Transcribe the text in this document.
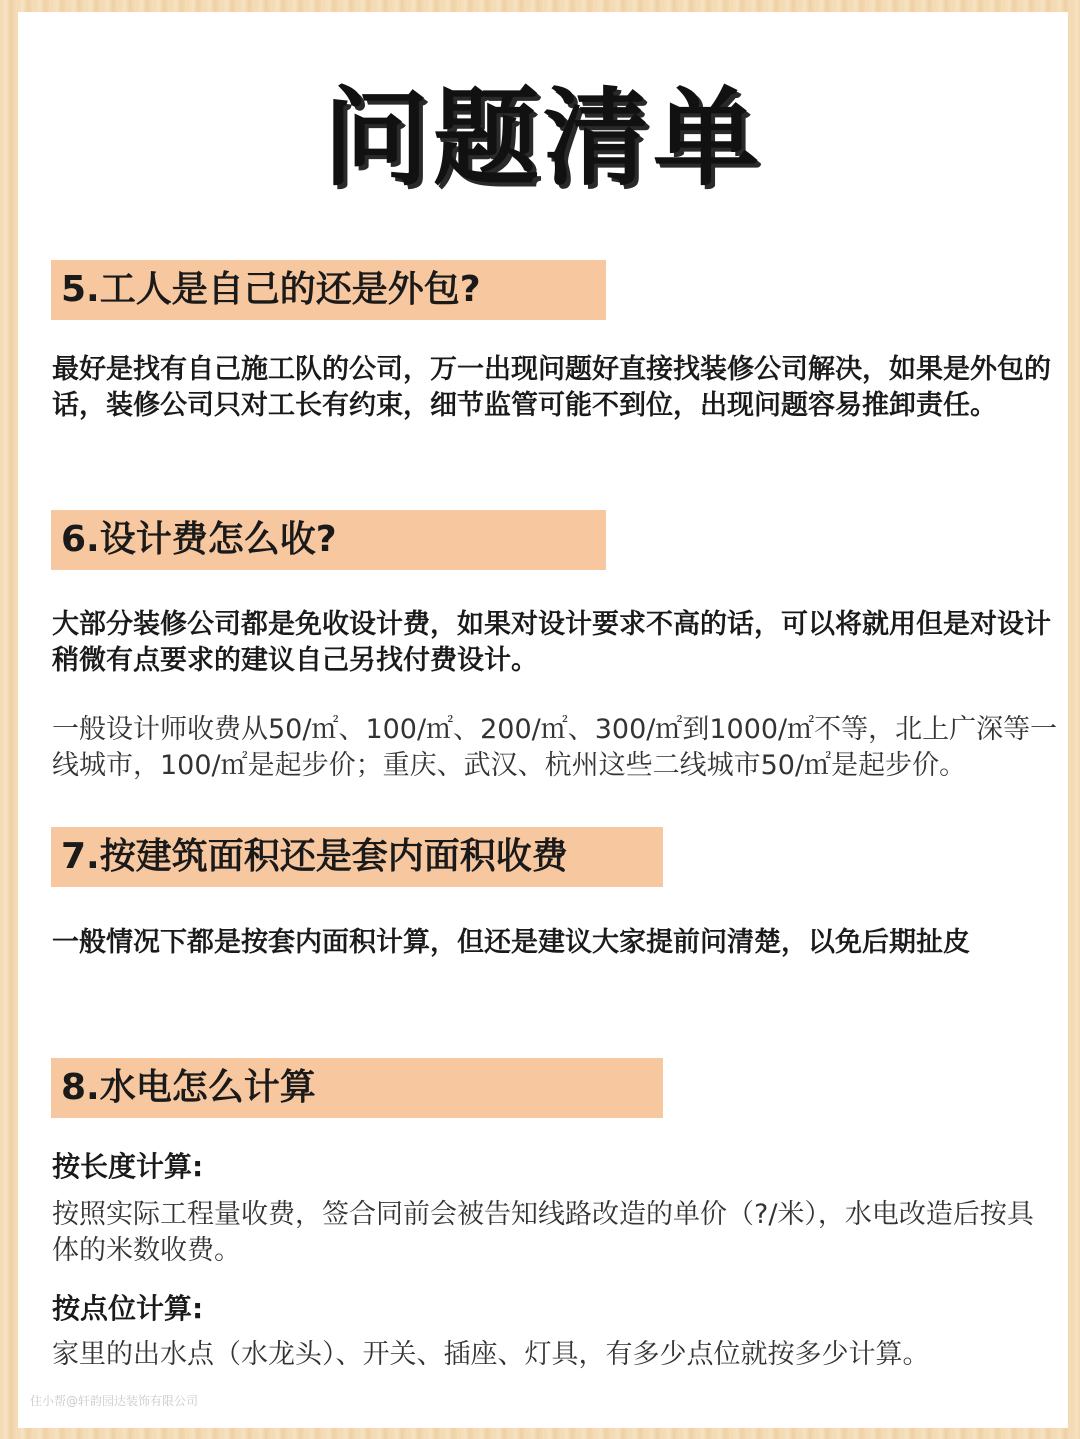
问题清单
5.工人是自己的还是外包?

最好是找有自己施工队的公司，万一出现问题好直接找装修公司解决，如果是外包的话，装修公司只对工长有约束，细节监管可能不到位，出现问题容易推卸责任。

6.设计费怎么收?

大部分装修公司都是免收设计费，如果对设计要求不高的话，可以将就用但是对设计稍微有点要求的建议自己另找付费设计。

一般设计师收费从50/㎡、100/㎡、200/㎡、300/㎡到1000/㎡不等，北上广深等一线城市，100/㎡是起步价；重庆、武汉、杭州这些二线城市50/㎡是起步价。

7.按建筑面积还是套内面积收费

一般情况下都是按套内面积计算，但还是建议大家提前问清楚，以免后期扯皮

8.水电怎么计算

按长度计算:

按照实际工程量收费，签合同前会被告知线路改造的单价（?/米），水电改造后按具体的米数收费。

按点位计算:

家里的出水点（水龙头）、开关、插座、灯具，有多少点位就按多少计算。

住小帮@轩韵园达装饰有限公司
